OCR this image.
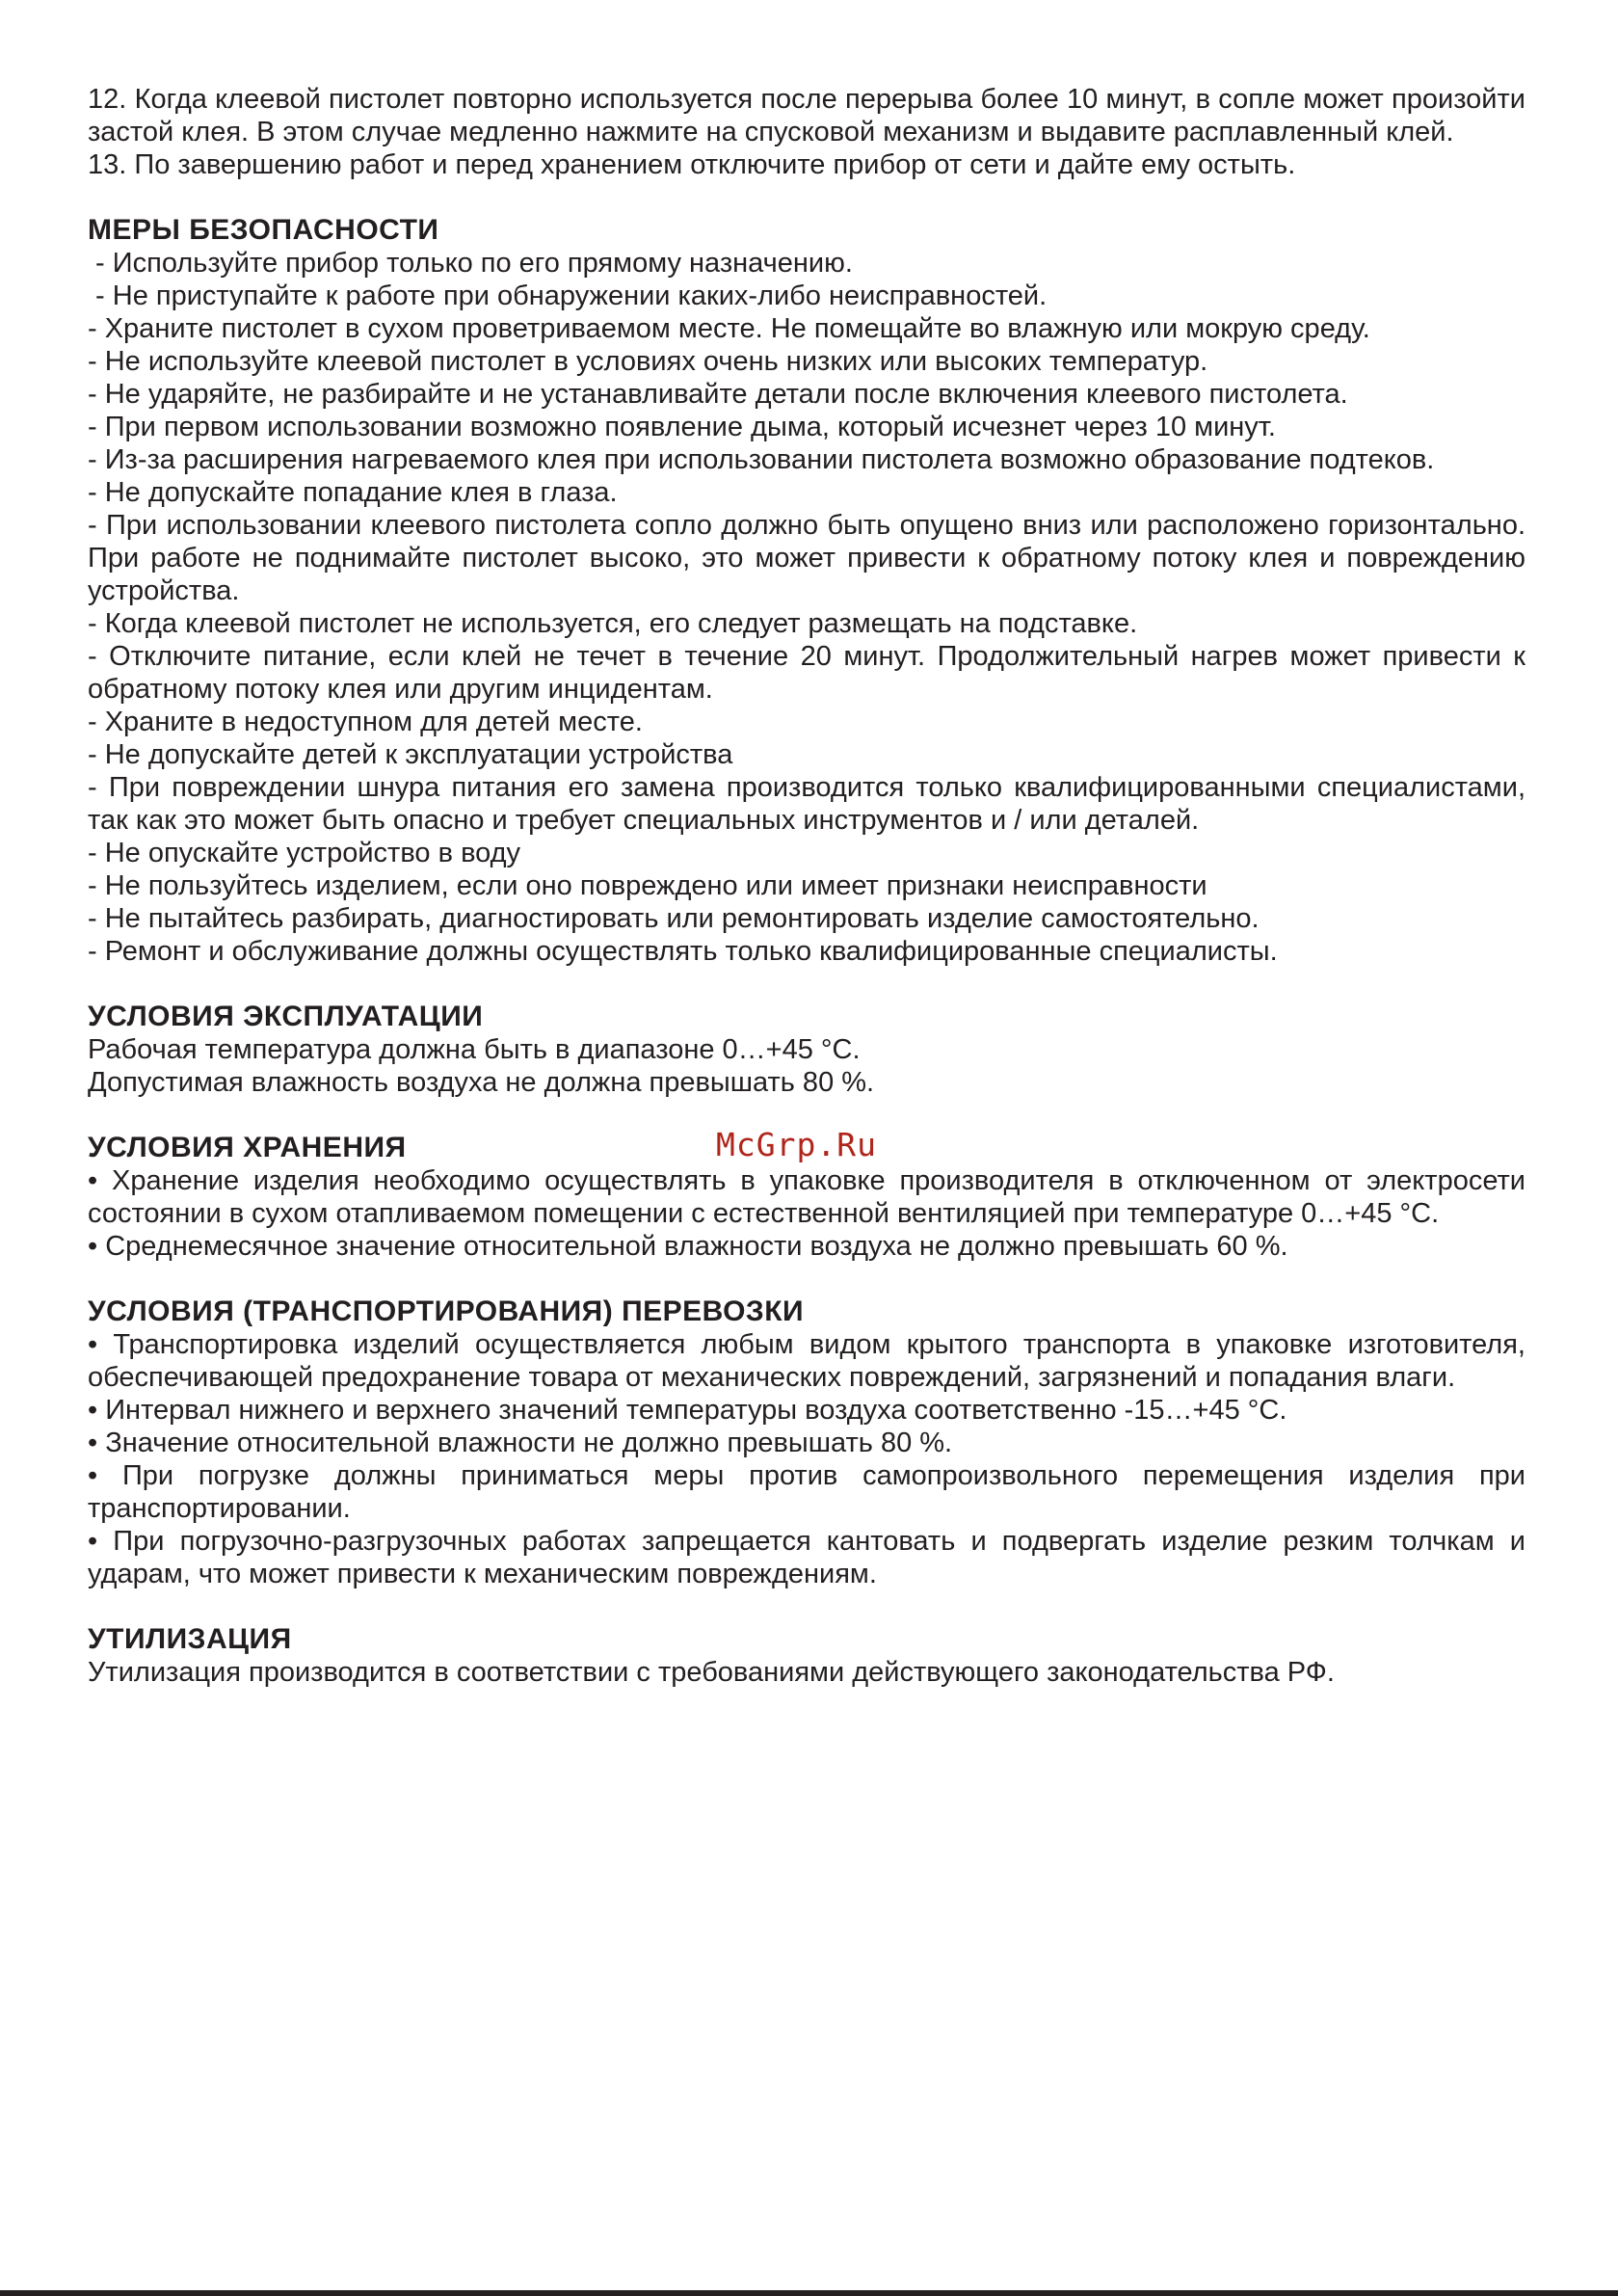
12. Когда клеевой пистолет повторно используется после перерыва более 10 минут, в сопле может произойти застой клея. В этом случае медленно нажмите на спусковой механизм и выдавите расплавленный клей.

13. По завершению работ и перед хранением отключите прибор от сети и дайте ему остыть.

МЕРЫ БЕЗОПАСНОСТИ

- Используйте прибор только по его прямому назначению.

- Не приступайте к работе при обнаружении каких-либо неисправностей.

- Храните пистолет в сухом проветриваемом месте. Не помещайте во влажную или мокрую среду.

- Не используйте клеевой пистолет в условиях очень низких или высоких температур.

- Не ударяйте, не разбирайте и не устанавливайте детали после включения клеевого пистолета.

- При первом использовании возможно появление дыма, который исчезнет через 10 минут.

- Из-за расширения нагреваемого клея при использовании пистолета возможно образование подтеков.

- Не допускайте попадание клея в глаза.

- При использовании клеевого пистолета сопло должно быть опущено вниз или расположено горизонтально. При работе не поднимайте пистолет высоко, это может привести к обратному потоку клея и повреждению устройства.

- Когда клеевой пистолет не используется, его следует размещать на подставке.

- Отключите питание, если клей не течет в течение 20 минут. Продолжительный нагрев может привести к обратному потоку клея или другим инцидентам.

- Храните в недоступном для детей месте.

- Не допускайте детей к эксплуатации устройства

- При повреждении шнура питания его замена производится только квалифицированными специалистами, так как это может быть опасно и требует специальных инструментов и / или деталей.

- Не опускайте устройство в воду

- Не пользуйтесь изделием, если оно повреждено или имеет признаки неисправности

- Не пытайтесь разбирать, диагностировать или ремонтировать изделие самостоятельно.

- Ремонт и обслуживание должны осуществлять только квалифицированные специалисты.

УСЛОВИЯ ЭКСПЛУАТАЦИИ

Рабочая температура должна быть в диапазоне 0…+45 °С.

Допустимая влажность воздуха не должна превышать 80 %.

УСЛОВИЯ ХРАНЕНИЯ

• Хранение изделия необходимо осуществлять в упаковке производителя в отключенном от электросети состоянии в сухом отапливаемом помещении с естественной вентиляцией при температуре 0…+45 °С.

• Среднемесячное значение относительной влажности воздуха не должно превышать 60 %.

УСЛОВИЯ (ТРАНСПОРТИРОВАНИЯ) ПЕРЕВОЗКИ

• Транспортировка изделий осуществляется любым видом крытого транспорта в упаковке изготовителя, обеспечивающей предохранение товара от механических повреждений, загрязнений и попадания влаги.

• Интервал нижнего и верхнего значений температуры воздуха соответственно -15…+45 °С.

• Значение относительной влажности не должно превышать 80 %.

• При погрузке должны приниматься меры против самопроизвольного перемещения изделия при транспортировании.

• При погрузочно-разгрузочных работах запрещается кантовать и подвергать изделие резким толчкам и ударам, что может привести к механическим повреждениям.

УТИЛИЗАЦИЯ

Утилизация производится в соответствии с требованиями действующего законодательства РФ.

McGrp.Ru
